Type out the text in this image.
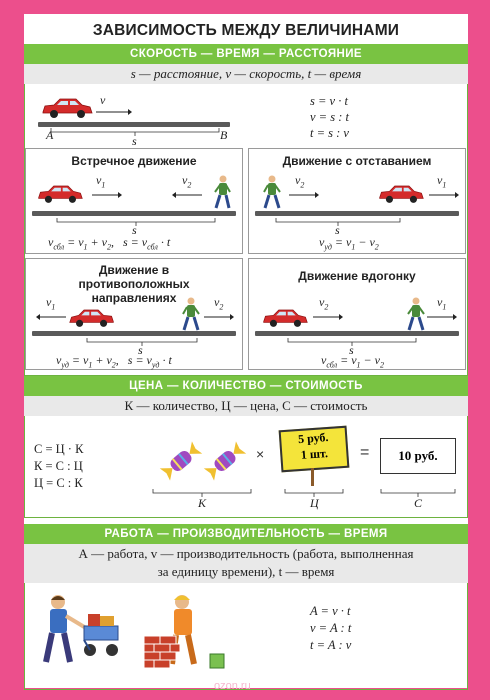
ЗАВИСИМОСТЬ МЕЖДУ ВЕЛИЧИНАМИ
СКОРОСТЬ — ВРЕМЯ — РАССТОЯНИЕ
s — расстояние, v — скорость, t — время
v
A	B
s
s = v · t
v = s : t
t = s : v
Встречное движение
$v_1$	$v_2$
s
$v_{сбл} = v_1 + v_2$,   $s = v_{сбл} \cdot t$
Движение с отставанием
$v_2$	$v_1$
s
$v_{уд} = v_1 - v_2$
Движение в противоположных направлениях
$v_1$	$v_2$
s
$v_{уд} = v_1 + v_2$,   $s = v_{уд} \cdot t$
Движение вдогонку
$v_2$	$v_1$
s
$v_{сбл} = v_1 - v_2$
ЦЕНА — КОЛИЧЕСТВО — СТОИМОСТЬ
К — количество, Ц — цена, С — стоимость
С = Ц · К
К = С : Ц
Ц = С : К
К
×
5 руб.
1 шт.
Ц
=	10 руб.
С
РАБОТА — ПРОИЗВОДИТЕЛЬНОСТЬ — ВРЕМЯ
А — работа, v — производительность (работа, выполненная
за единицу времени), t — время
A = v · t
v = A : t
t = A : v
ozon.ru
